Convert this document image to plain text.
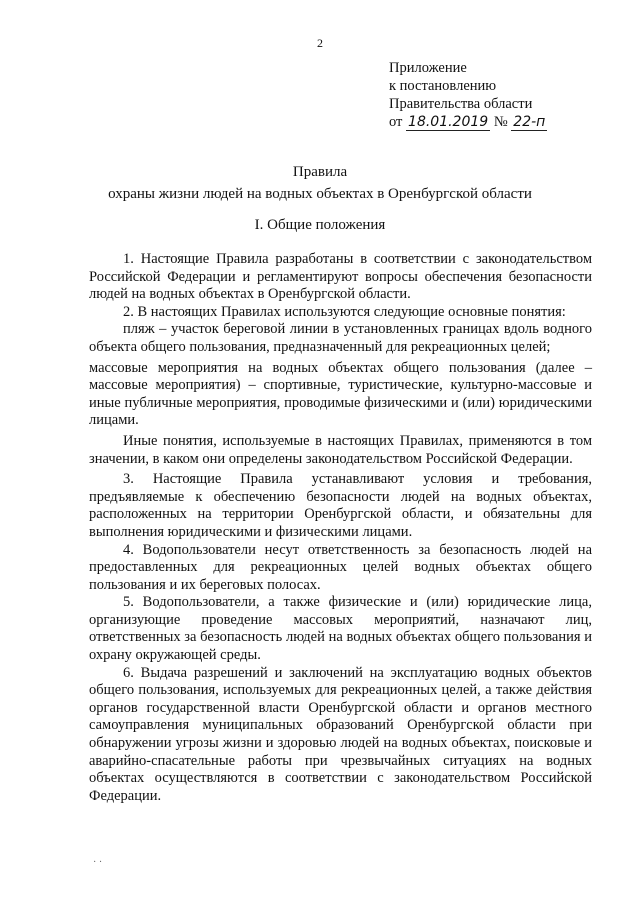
2
Приложение
к постановлению
Правительства области
от 18.01.2019 № 22-п
Правила
охраны жизни людей на водных объектах в Оренбургской области
I. Общие положения

1. Настоящие Правила разработаны в соответствии с законодательством Российской Федерации и регламентируют вопросы обеспечения безопасности людей на водных объектах в Оренбургской области.

2. В настоящих Правилах используются следующие основные понятия:

пляж – участок береговой линии в установленных границах вдоль водного объекта общего пользования, предназначенный для рекреационных целей;

массовые мероприятия на водных объектах общего пользования (далее – массовые мероприятия) – спортивные, туристические, культурно-массовые и иные публичные мероприятия, проводимые физическими и (или) юридическими лицами.

Иные понятия, используемые в настоящих Правилах, применяются в том значении, в каком они определены законодательством Российской Федерации.

3. Настоящие Правила устанавливают условия и требования, предъявляемые к обеспечению безопасности людей на водных объектах, расположенных на территории Оренбургской области, и обязательны для выполнения юридическими и физическими лицами.

4. Водопользователи несут ответственность за безопасность людей на предоставленных для рекреационных целей водных объектах общего пользования и их береговых полосах.

5. Водопользователи, а также физические и (или) юридические лица, организующие проведение массовых мероприятий, назначают лиц, ответственных за безопасность людей на водных объектах общего пользования и охрану окружающей среды.

6. Выдача разрешений и заключений на эксплуатацию водных объектов общего пользования, используемых для рекреационных целей, а также действия органов государственной власти Оренбургской области и органов местного самоуправления муниципальных образований Оренбургской области при обнаружении угрозы жизни и здоровью людей на водных объектах, поисковые и аварийно-спасательные работы при чрезвычайных ситуациях на водных объектах осуществляются в соответствии с законодательством Российской Федерации.

· ·
